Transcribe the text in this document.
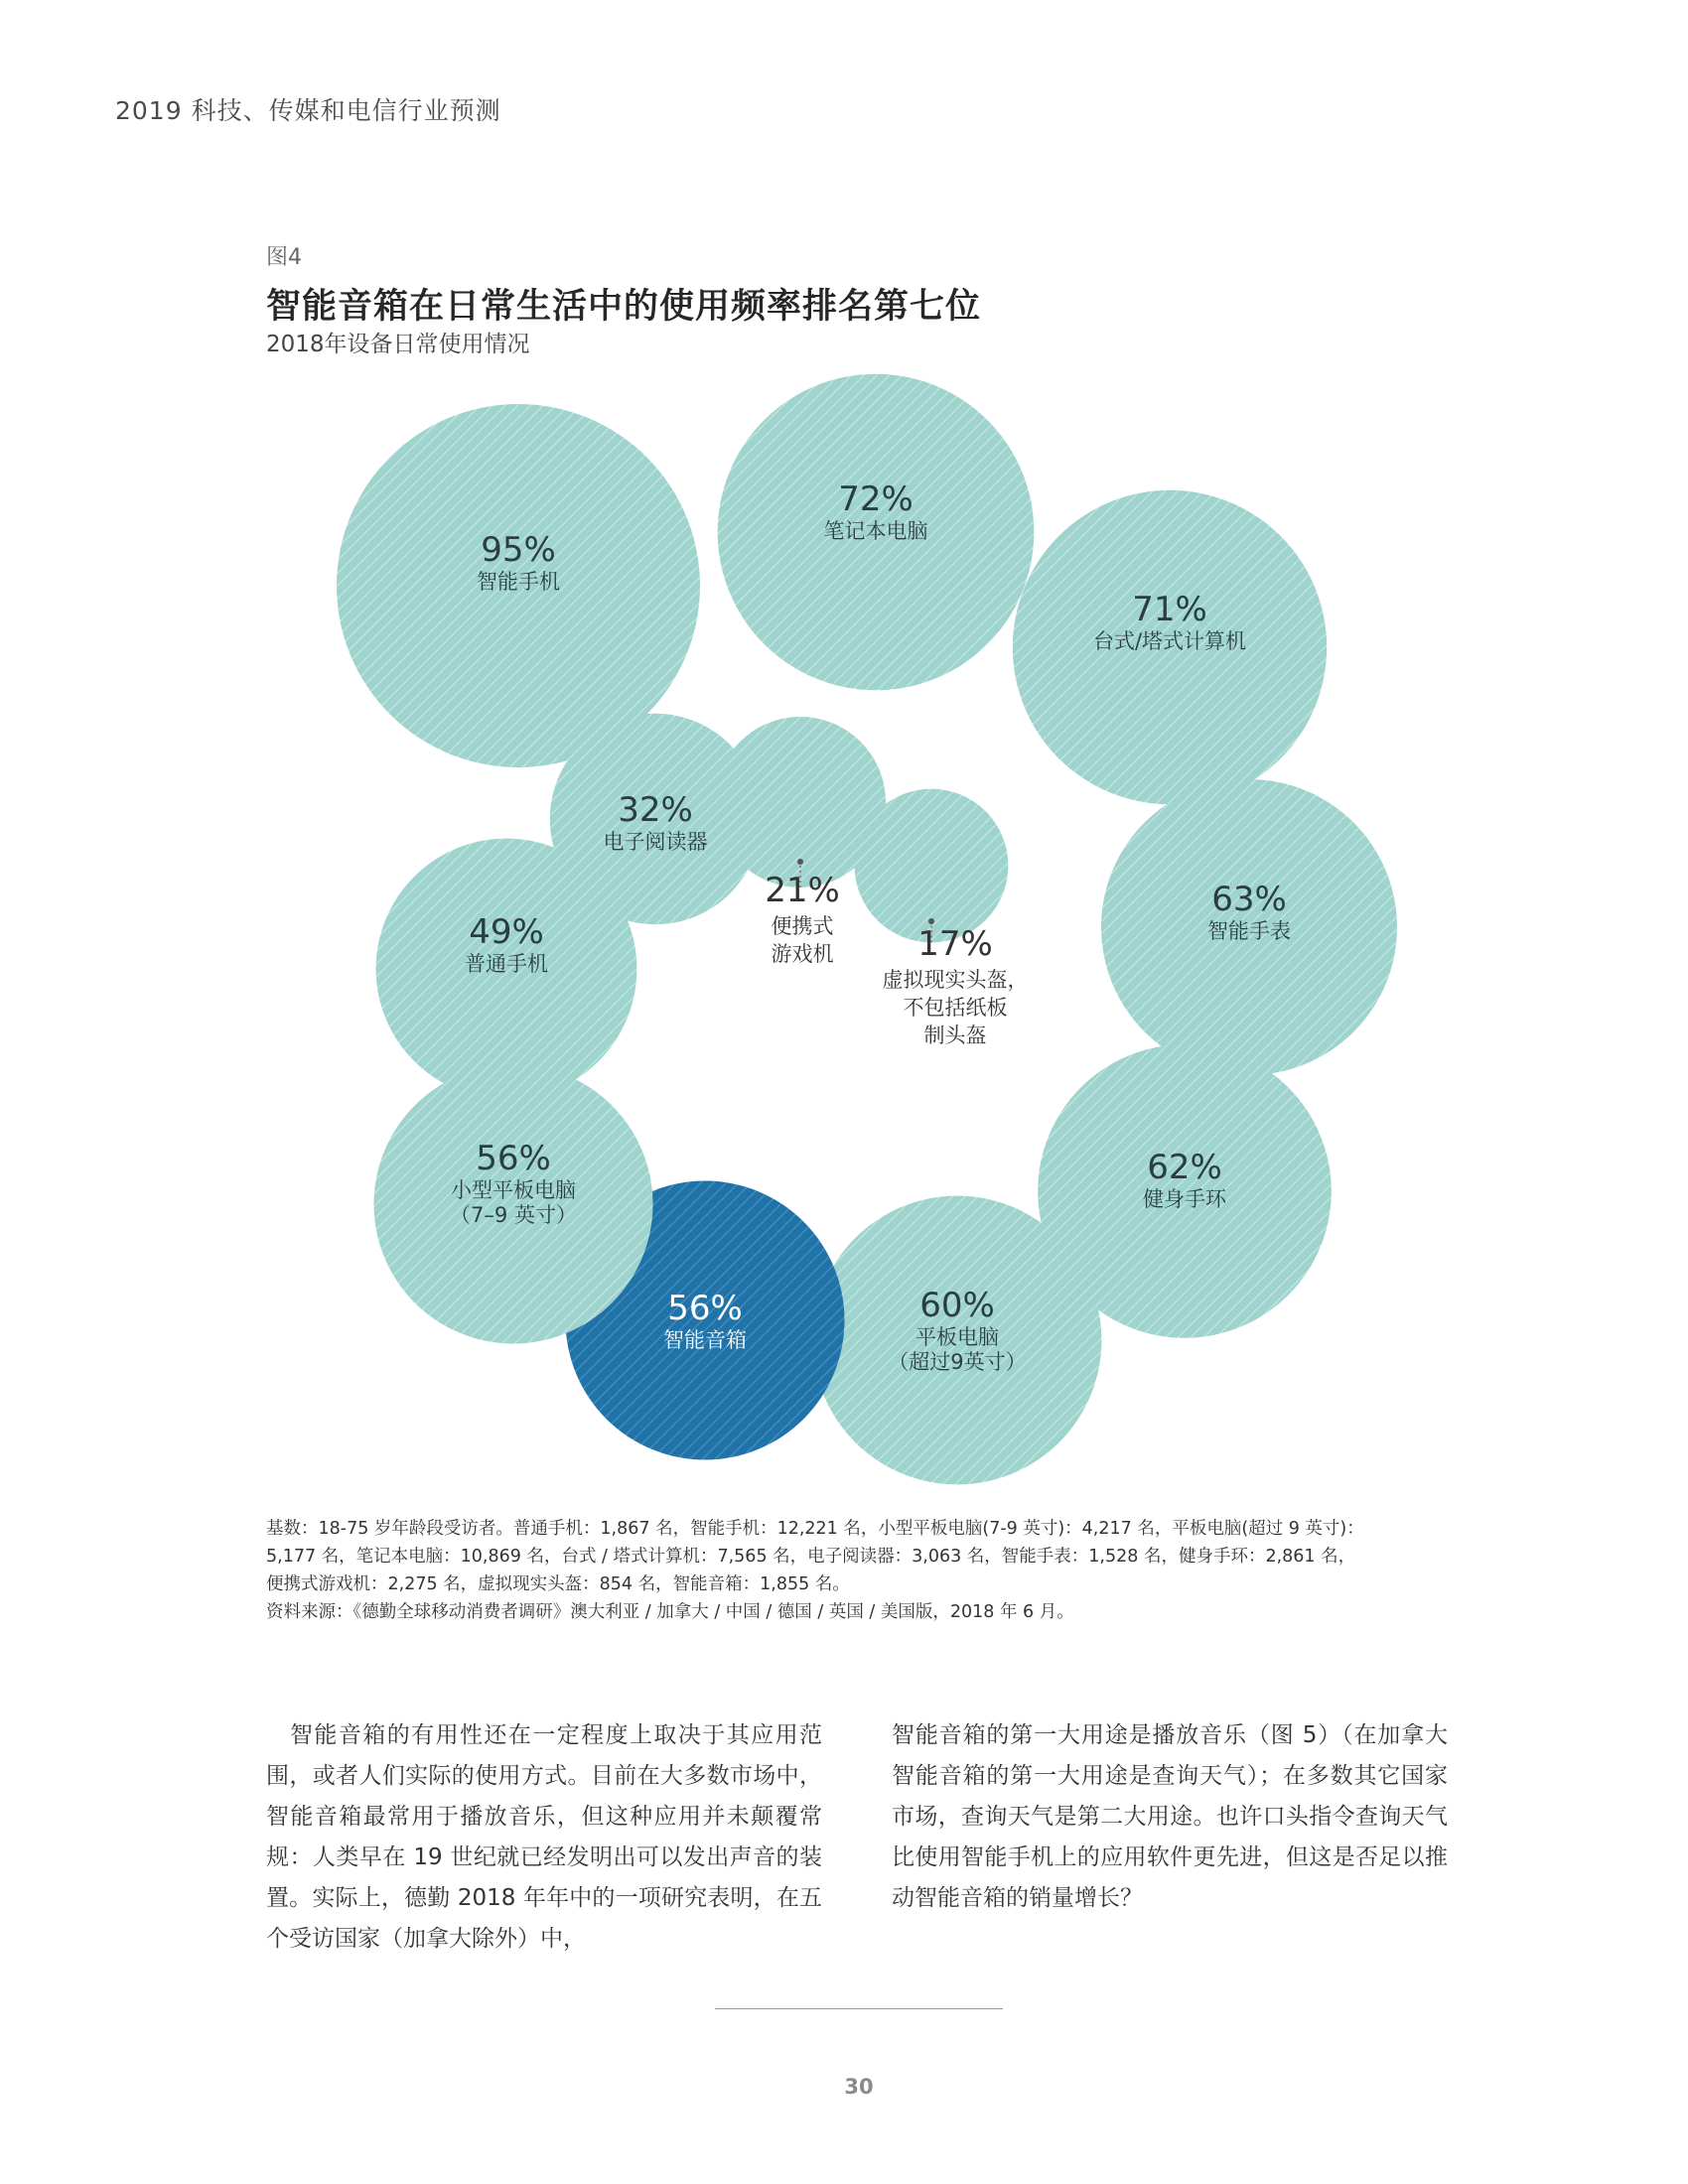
2019 科技、传媒和电信行业预测
图4
智能音箱在日常生活中的使用频率排名第七位
2018年设备日常使用情况
95%
智能手机
72%
笔记本电脑
71%
台式/塔式计算机
63%
智能手表
62%
健身手环
60%
平板电脑
（超过9英寸）
56%
智能音箱
56%
小型平板电脑
（7–9 英寸）
49%
普通手机
32%
电子阅读器
21%
便携式
游戏机 17%
虚拟现实头盔，
不包括纸板
制头盔
基数：18-75 岁年龄段受访者。普通手机：1,867 名，智能手机：12,221 名，小型平板电脑(7-9 英寸)：4,217 名，平板电脑(超过 9 英寸)：
5,177 名，笔记本电脑：10,869 名，台式 / 塔式计算机：7,565 名，电子阅读器：3,063 名，智能手表：1,528 名，健身手环：2,861 名，
便携式游戏机：2,275 名，虚拟现实头盔：854 名，智能音箱：1,855 名。
资料来源：《德勤全球移动消费者调研》澳大利亚 / 加拿大 / 中国 / 德国 / 英国 / 美国版，2018 年 6 月。
智能音箱的有用性还在一定程度上取决于其应用范围，或者人们实际的使用方式。目前在大多数市场中，智能音箱最常用于播放音乐，但这种应用并未颠覆常规：人类早在 19 世纪就已经发明出可以发出声音的装置。实际上，德勤 2018 年年中的一项研究表明，在五个受访国家（加拿大除外）中，
智能音箱的第一大用途是播放音乐（图 5）（在加拿大智能音箱的第一大用途是查询天气）；在多数其它国家市场，查询天气是第二大用途。也许口头指令查询天气比使用智能手机上的应用软件更先进，但这是否足以推动智能音箱的销量增长？
30
